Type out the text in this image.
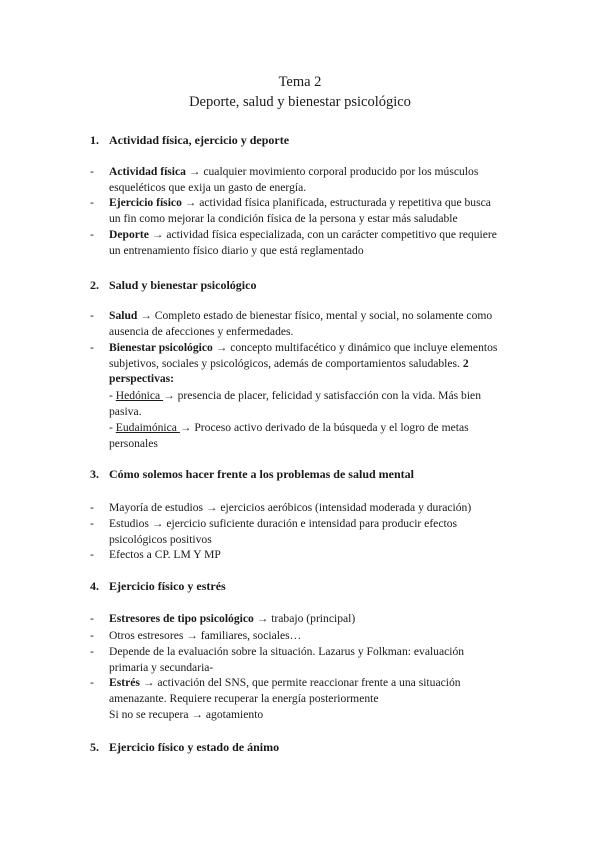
Tema 2
Deporte, salud y bienestar psicológico
1. Actividad física, ejercicio y deporte
- Actividad física → cualquier movimiento corporal producido por los músculos esqueléticos que exija un gasto de energía.
- Ejercicio físico → actividad física planificada, estructurada y repetitiva que busca un fin como mejorar la condición física de la persona y estar más saludable
- Deporte → actividad física especializada, con un carácter competitivo que requiere un entrenamiento físico diario y que está reglamentado
2. Salud y bienestar psicológico
- Salud → Completo estado de bienestar físico, mental y social, no solamente como ausencia de afecciones y enfermedades.
- Bienestar psicológico → concepto multifacético y dinámico que incluye elementos subjetivos, sociales y psicológicos, además de comportamientos saludables. 2 perspectivas:
- Hedónica → presencia de placer, felicidad y satisfacción con la vida. Más bien pasiva.
- Eudaimónica → Proceso activo derivado de la búsqueda y el logro de metas personales
3. Cómo solemos hacer frente a los problemas de salud mental
- Mayoría de estudios → ejercicios aeróbicos (intensidad moderada y duración)
- Estudios → ejercicio suficiente duración e intensidad para producir efectos psicológicos positivos
- Efectos a CP. LM Y MP
4. Ejercicio físico y estrés
- Estresores de tipo psicológico → trabajo (principal)
- Otros estresores → familiares, sociales…
- Depende de la evaluación sobre la situación. Lazarus y Folkman: evaluación primaria y secundaria-
- Estrés → activación del SNS, que permite reaccionar frente a una situación amenazante. Requiere recuperar la energía posteriormente
Si no se recupera → agotamiento
5. Ejercicio físico y estado de ánimo
